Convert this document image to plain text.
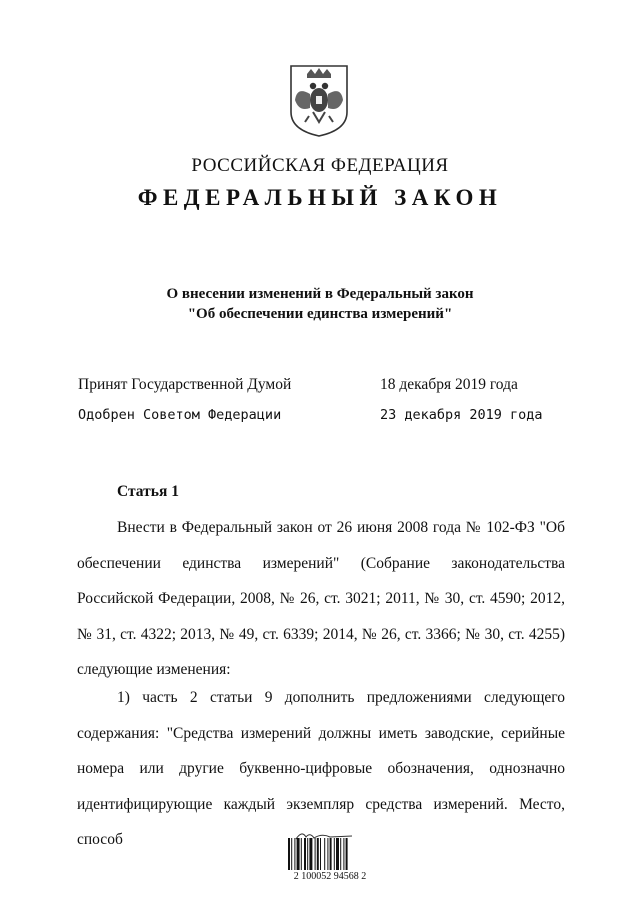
РОССИЙСКАЯ ФЕДЕРАЦИЯ
ФЕДЕРАЛЬНЫЙ ЗАКОН
О внесении изменений в Федеральный закон
"Об обеспечении единства измерений"
Принят Государственной Думой	18 декабря 2019 года
Одобрен Советом Федерации	23 декабря 2019 года
Статья 1
Внести в Федеральный закон от 26 июня 2008 года № 102-ФЗ "Об обеспечении единства измерений" (Собрание законодательства Российской Федерации, 2008, № 26, ст. 3021; 2011, № 30, ст. 4590; 2012, № 31, ст. 4322; 2013, № 49, ст. 6339; 2014, № 26, ст. 3366; № 30, ст. 4255) следующие изменения:
1) часть 2 статьи 9 дополнить предложениями следующего содержания: "Средства измерений должны иметь заводские, серийные номера или другие буквенно-цифровые обозначения, однозначно идентифицирующие каждый экземпляр средства измерений. Место, способ
2 100052 94568 2
